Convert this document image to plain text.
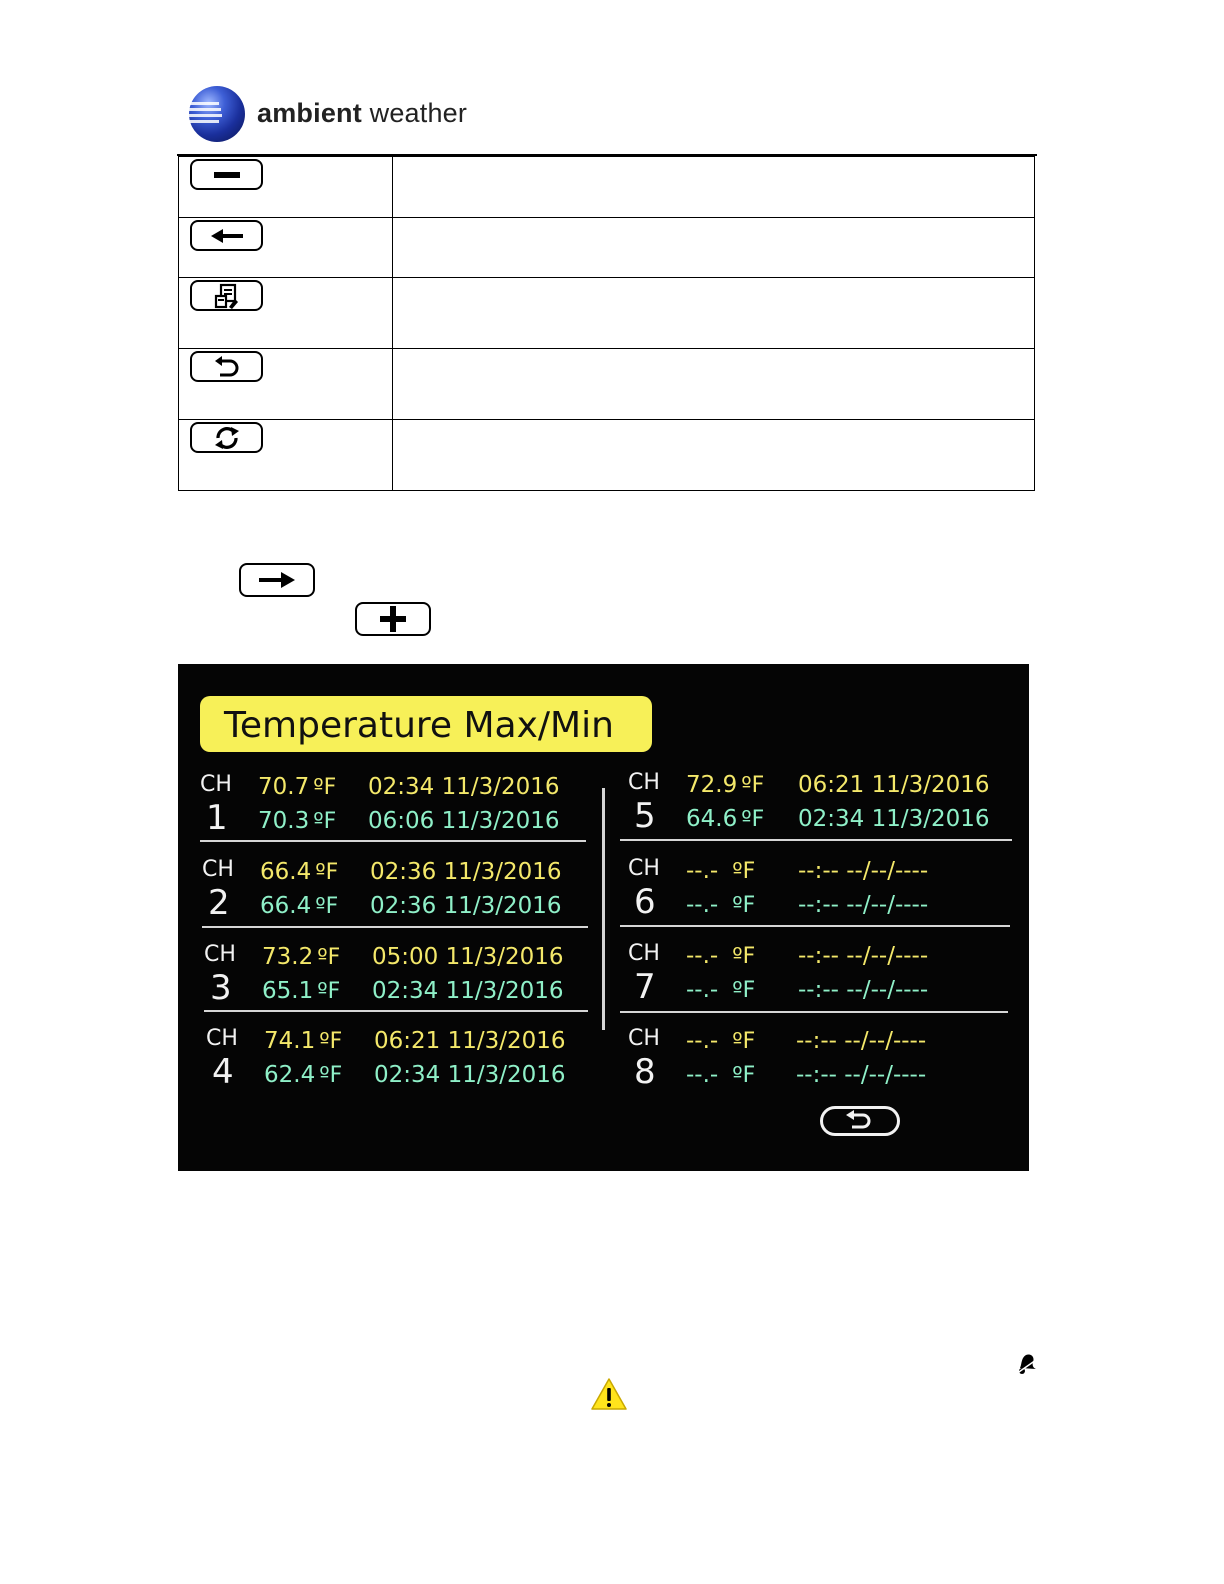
ambient weather

Temperature Max/Min
CH
1
70.7 ºF 02:34 11/3/2016
70.3 ºF 06:06 11/3/2016
CH
2
66.4 ºF 02:36 11/3/2016
66.4 ºF 02:36 11/3/2016
CH
3
73.2 ºF 05:00 11/3/2016
65.1 ºF 02:34 11/3/2016
CH
4
74.1 ºF 06:21 11/3/2016
62.4 ºF 02:34 11/3/2016
CH
5
72.9 ºF 06:21 11/3/2016
64.6 ºF 02:34 11/3/2016
CH
6
--.- ºF --:-- --/--/----
--.- ºF --:-- --/--/----
CH
7
--.- ºF --:-- --/--/----
--.- ºF --:-- --/--/----
CH
8
--.- ºF --:-- --/--/----
--.- ºF --:-- --/--/----
